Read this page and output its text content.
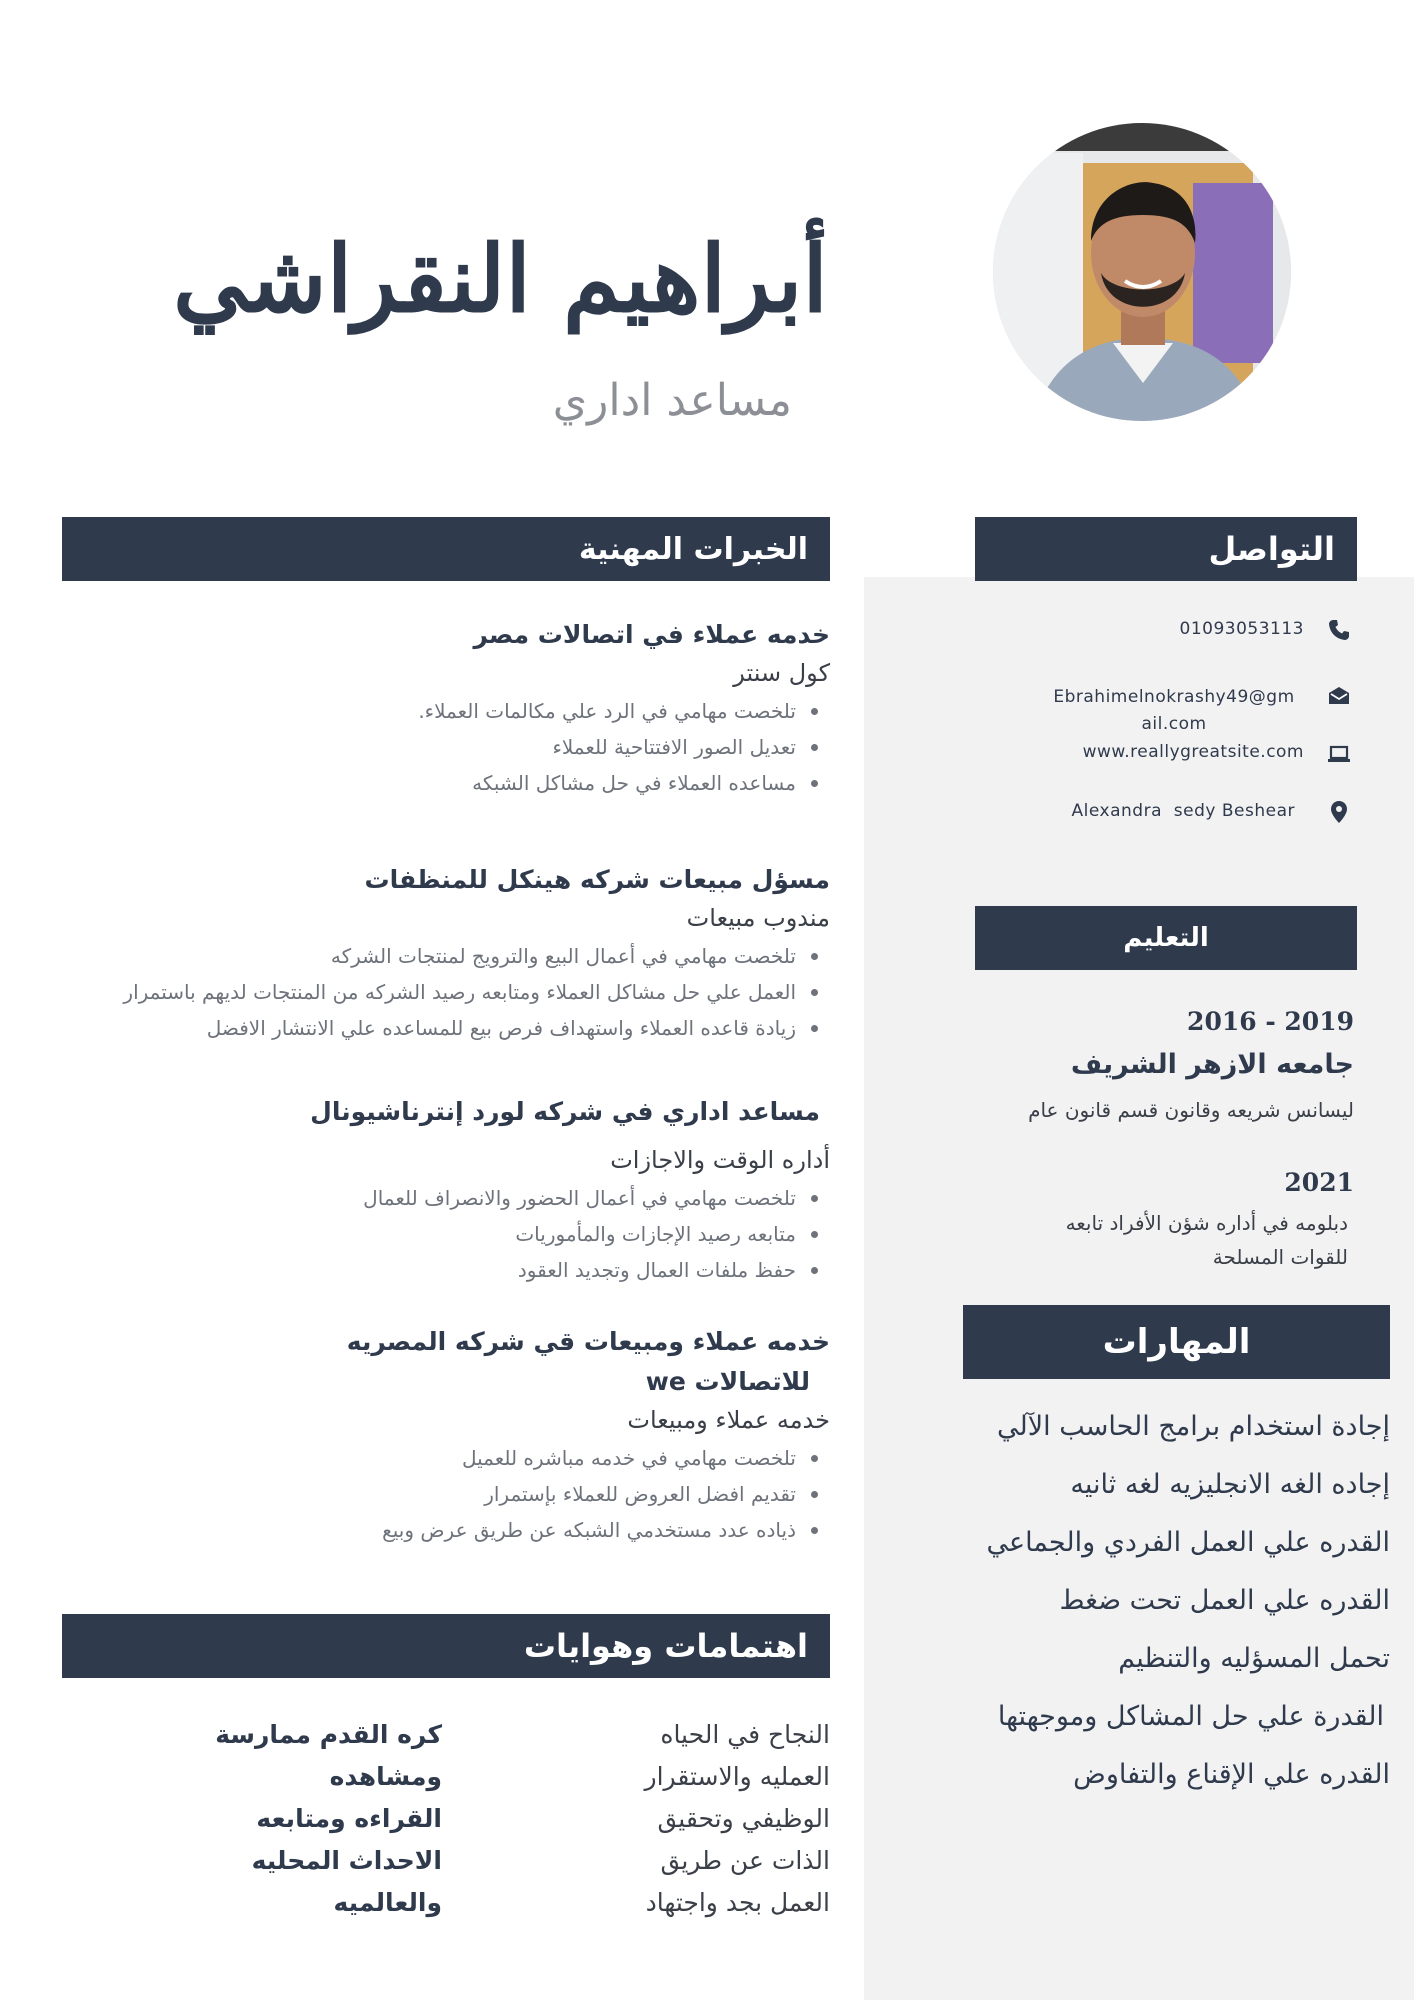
أبراهيم النقراشي
مساعد اداري
الخبرات المهنية
خدمه عملاء في اتصالات مصر
كول سنتر
تلخصت مهامي في الرد علي مكالمات العملاء.
تعديل الصور الافتتاحية للعملاء
مساعده العملاء في حل مشاكل الشبكه
مسؤل مبيعات شركه هينكل للمنظفات
مندوب مبيعات
تلخصت مهامي في أعمال البيع والترويج لمنتجات الشركه
العمل علي حل مشاكل العملاء ومتابعه رصيد الشركه من المنتجات لديهم باستمرار
زيادة قاعده العملاء واستهداف فرص بيع للمساعده علي الانتشار الافضل
مساعد اداري في شركه لورد إنترناشيونال
أداره الوقت والاجازات
تلخصت مهامي في أعمال الحضور والانصراف للعمال
متابعه رصيد الإجازات والمأموريات
حفظ ملفات العمال وتجديد العقود
خدمه عملاء ومبيعات قي شركه المصريه
للاتصالات we
خدمه عملاء ومبيعات
تلخصت مهامي في خدمه مباشره للعميل
تقديم افضل العروض للعملاء بإستمرار
ذياده عدد مستخدمي الشبكه عن طريق عرض وبيع
اهتمامات وهوايات
النجاح في الحياه
العمليه والاستقرار
الوظيفي وتحقيق
الذات عن طريق
العمل بجد واجتهاد
كره القدم ممارسة
ومشاهده
القراءه ومتابعه
الاحداث المحليه
والعالميه
التواصل
01093053113
Ebrahimelnokrashy49@gm
ail.com
www.reallygreatsite.com
Alexandra  sedy Beshear
التعليم
2016 - 2019
جامعه الازهر الشريف
ليسانس شريعه وقانون قسم قانون عام
2021
دبلومه في أداره شؤن الأفراد تابعه
للقوات المسلحة
المهارات
إجادة استخدام برامج الحاسب الآلي
إجاده الغه الانجليزيه لغه ثانيه
القدره علي العمل الفردي والجماعي
القدره علي العمل تحت ضغط
تحمل المسؤليه والتنظيم
القدرة علي حل المشاكل وموجهتها
القدره علي الإقناع والتفاوض
